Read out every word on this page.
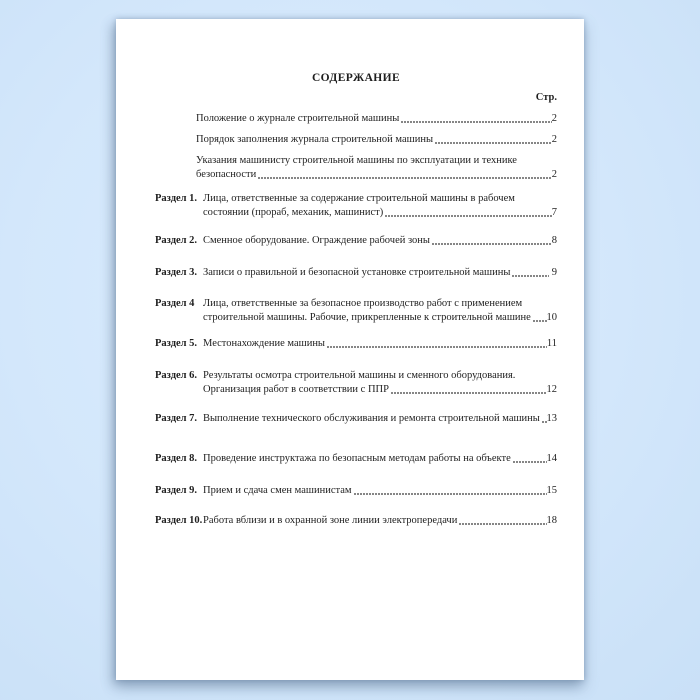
СОДЕРЖАНИЕ
Стр.
Положение о журнале строительной машины	2
Порядок заполнения журнала строительной машины	2
Указания машинисту строительной машины по эксплуатации и технике
безопасности	2
Раздел 1. Лица, ответственные за содержание строительной машины в рабочем
состоянии (прораб, механик, машинист)	7
Раздел 2. Сменное оборудование. Ограждение рабочей зоны	8
Раздел 3. Записи о правильной и безопасной установке строительной машины	9
Раздел 4 Лица, ответственные за безопасное производство работ с применением
строительной машины. Рабочие, прикрепленные к строительной машине 10
Раздел 5. Местонахождение машины	11
Раздел 6. Результаты осмотра строительной машины и сменного оборудования.
Организация работ в соответствии с ППР	12
Раздел 7. Выполнение технического обслуживания и ремонта строительной машины 13
Раздел 8. Проведение инструктажа по безопасным методам работы на объекте	14
Раздел 9. Прием и сдача смен машинистам	15
Раздел 10. Работа вблизи и в охранной зоне линии электропередачи	18
